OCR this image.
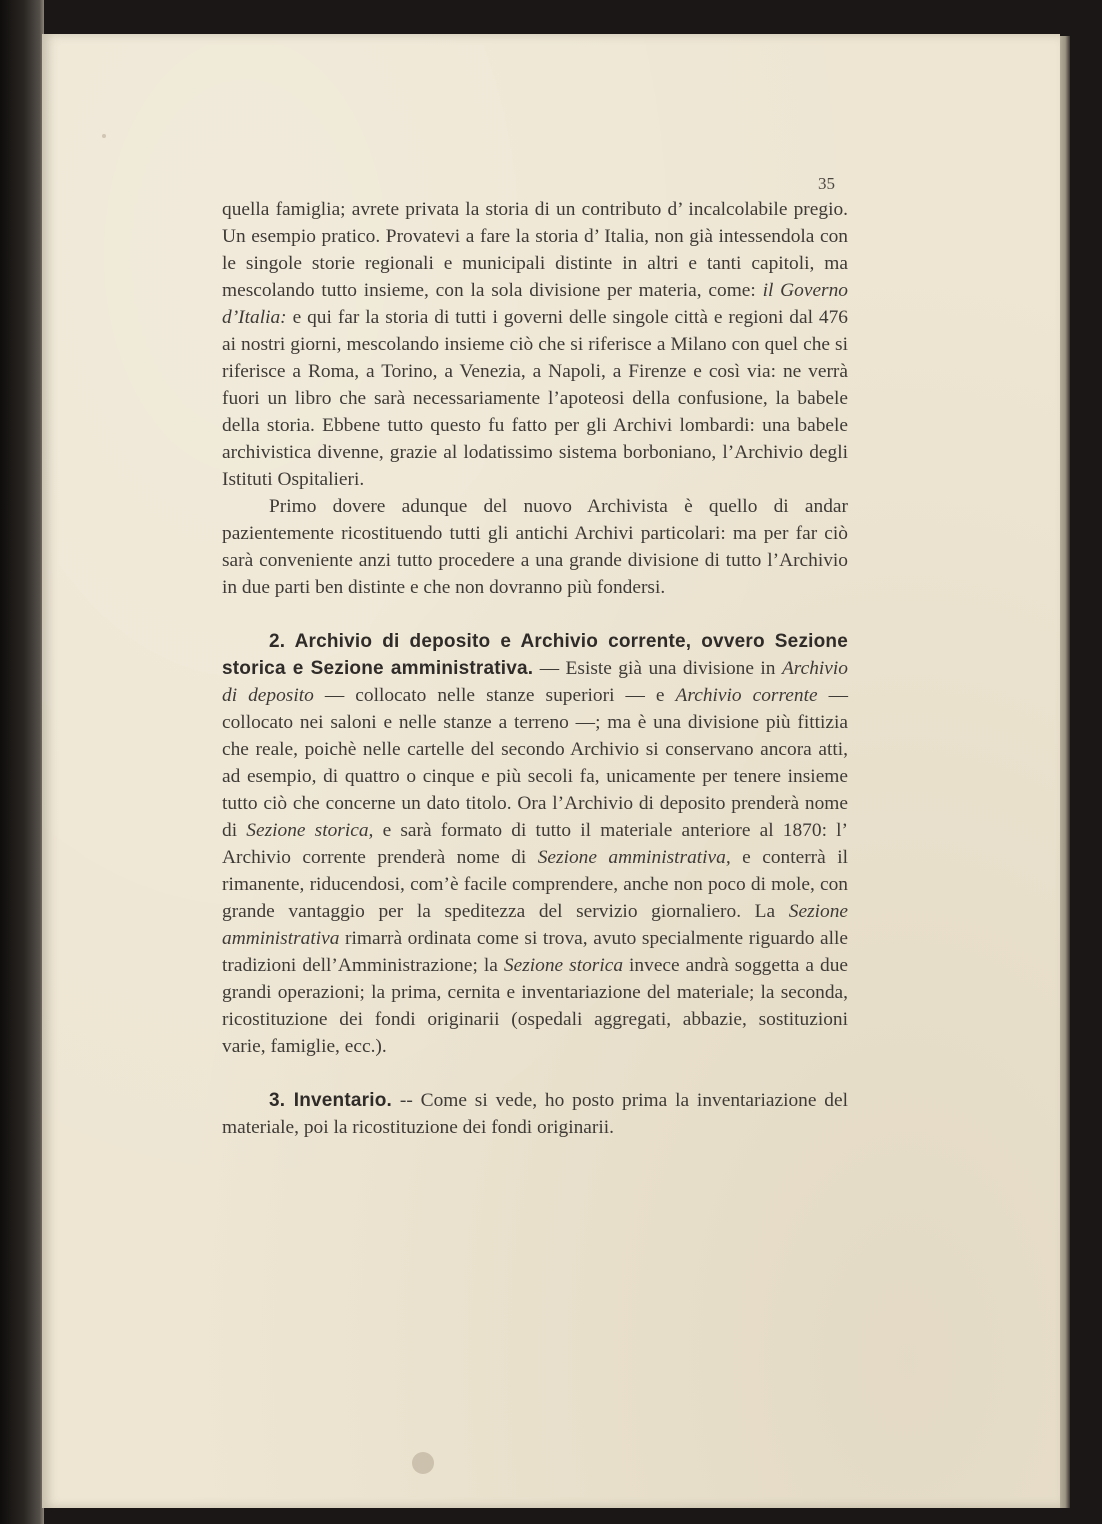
35

quella famiglia; avrete privata la storia di un contributo d’ incalcolabile pregio. Un esempio pratico. Provatevi a fare la storia d’ Italia, non già intessendola con le singole storie regionali e municipali distinte in altri e tanti capitoli, ma mescolando tutto insieme, con la sola divisione per materia, come: il Governo d’Italia: e qui far la storia di tutti i governi delle singole città e regioni dal 476 ai nostri giorni, mescolando insieme ciò che si riferisce a Milano con quel che si riferisce a Roma, a Torino, a Venezia, a Napoli, a Firenze e così via: ne verrà fuori un libro che sarà necessariamente l’apoteosi della confusione, la babele della storia. Ebbene tutto questo fu fatto per gli Archivi lombardi: una babele archivistica divenne, grazie al lodatissimo sistema borboniano, l’Archivio degli Istituti Ospitalieri.

Primo dovere adunque del nuovo Archivista è quello di andar pazientemente ricostituendo tutti gli antichi Archivi particolari: ma per far ciò sarà conveniente anzi tutto procedere a una grande divisione di tutto l’Archivio in due parti ben distinte e che non dovranno più fondersi.

2. Archivio di deposito e Archivio corrente, ovvero Sezione storica e Sezione amministrativa. — Esiste già una divisione in Archivio di deposito — collocato nelle stanze superiori — e Archivio corrente — collocato nei saloni e nelle stanze a terreno —; ma è una divisione più fittizia che reale, poichè nelle cartelle del secondo Archivio si conservano ancora atti, ad esempio, di quattro o cinque e più secoli fa, unicamente per tenere insieme tutto ciò che concerne un dato titolo. Ora l’Archivio di deposito prenderà nome di Sezione storica, e sarà formato di tutto il materiale anteriore al 1870: l’ Archivio corrente prenderà nome di Sezione amministrativa, e conterrà il rimanente, riducendosi, com’è facile comprendere, anche non poco di mole, con grande vantaggio per la speditezza del servizio giornaliero. La Sezione amministrativa rimarrà ordinata come si trova, avuto specialmente riguardo alle tradizioni dell’Amministrazione; la Sezione storica invece andrà soggetta a due grandi operazioni; la prima, cernita e inventariazione del materiale; la seconda, ricostituzione dei fondi originarii (ospedali aggregati, abbazie, sostituzioni varie, famiglie, ecc.).

3. Inventario. -- Come si vede, ho posto prima la inventariazione del materiale, poi la ricostituzione dei fondi originarii.
